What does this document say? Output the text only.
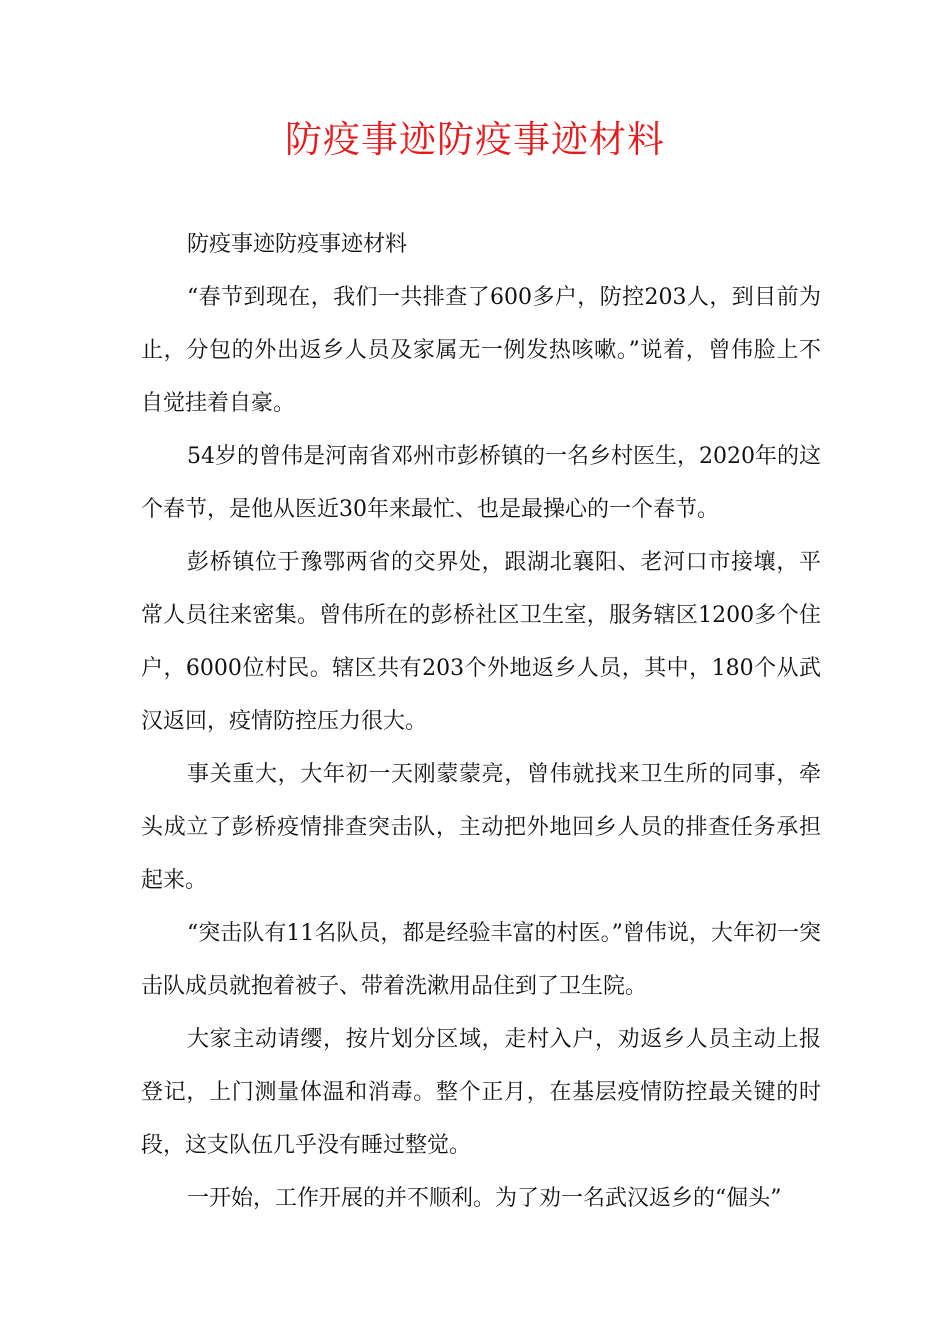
防疫事迹防疫事迹材料

防疫事迹防疫事迹材料

“春节到现在，我们一共排查了600多户，防控203人，到目前为止，分包的外出返乡人员及家属无一例发热咳嗽。”说着，曾伟脸上不自觉挂着自豪。

54岁的曾伟是河南省邓州市彭桥镇的一名乡村医生，2020年的这个春节，是他从医近30年来最忙、也是最操心的一个春节。

彭桥镇位于豫鄂两省的交界处，跟湖北襄阳、老河口市接壤，平常人员往来密集。曾伟所在的彭桥社区卫生室，服务辖区1200多个住户，6000位村民。辖区共有203个外地返乡人员，其中，180个从武汉返回，疫情防控压力很大。

事关重大，大年初一天刚蒙蒙亮，曾伟就找来卫生所的同事，牵头成立了彭桥疫情排查突击队，主动把外地回乡人员的排查任务承担起来。

“突击队有11名队员，都是经验丰富的村医。”曾伟说，大年初一突击队成员就抱着被子、带着洗漱用品住到了卫生院。

大家主动请缨，按片划分区域，走村入户，劝返乡人员主动上报登记，上门测量体温和消毒。整个正月，在基层疫情防控最关键的时段，这支队伍几乎没有睡过整觉。

一开始，工作开展的并不顺利。为了劝一名武汉返乡的“倔头”
